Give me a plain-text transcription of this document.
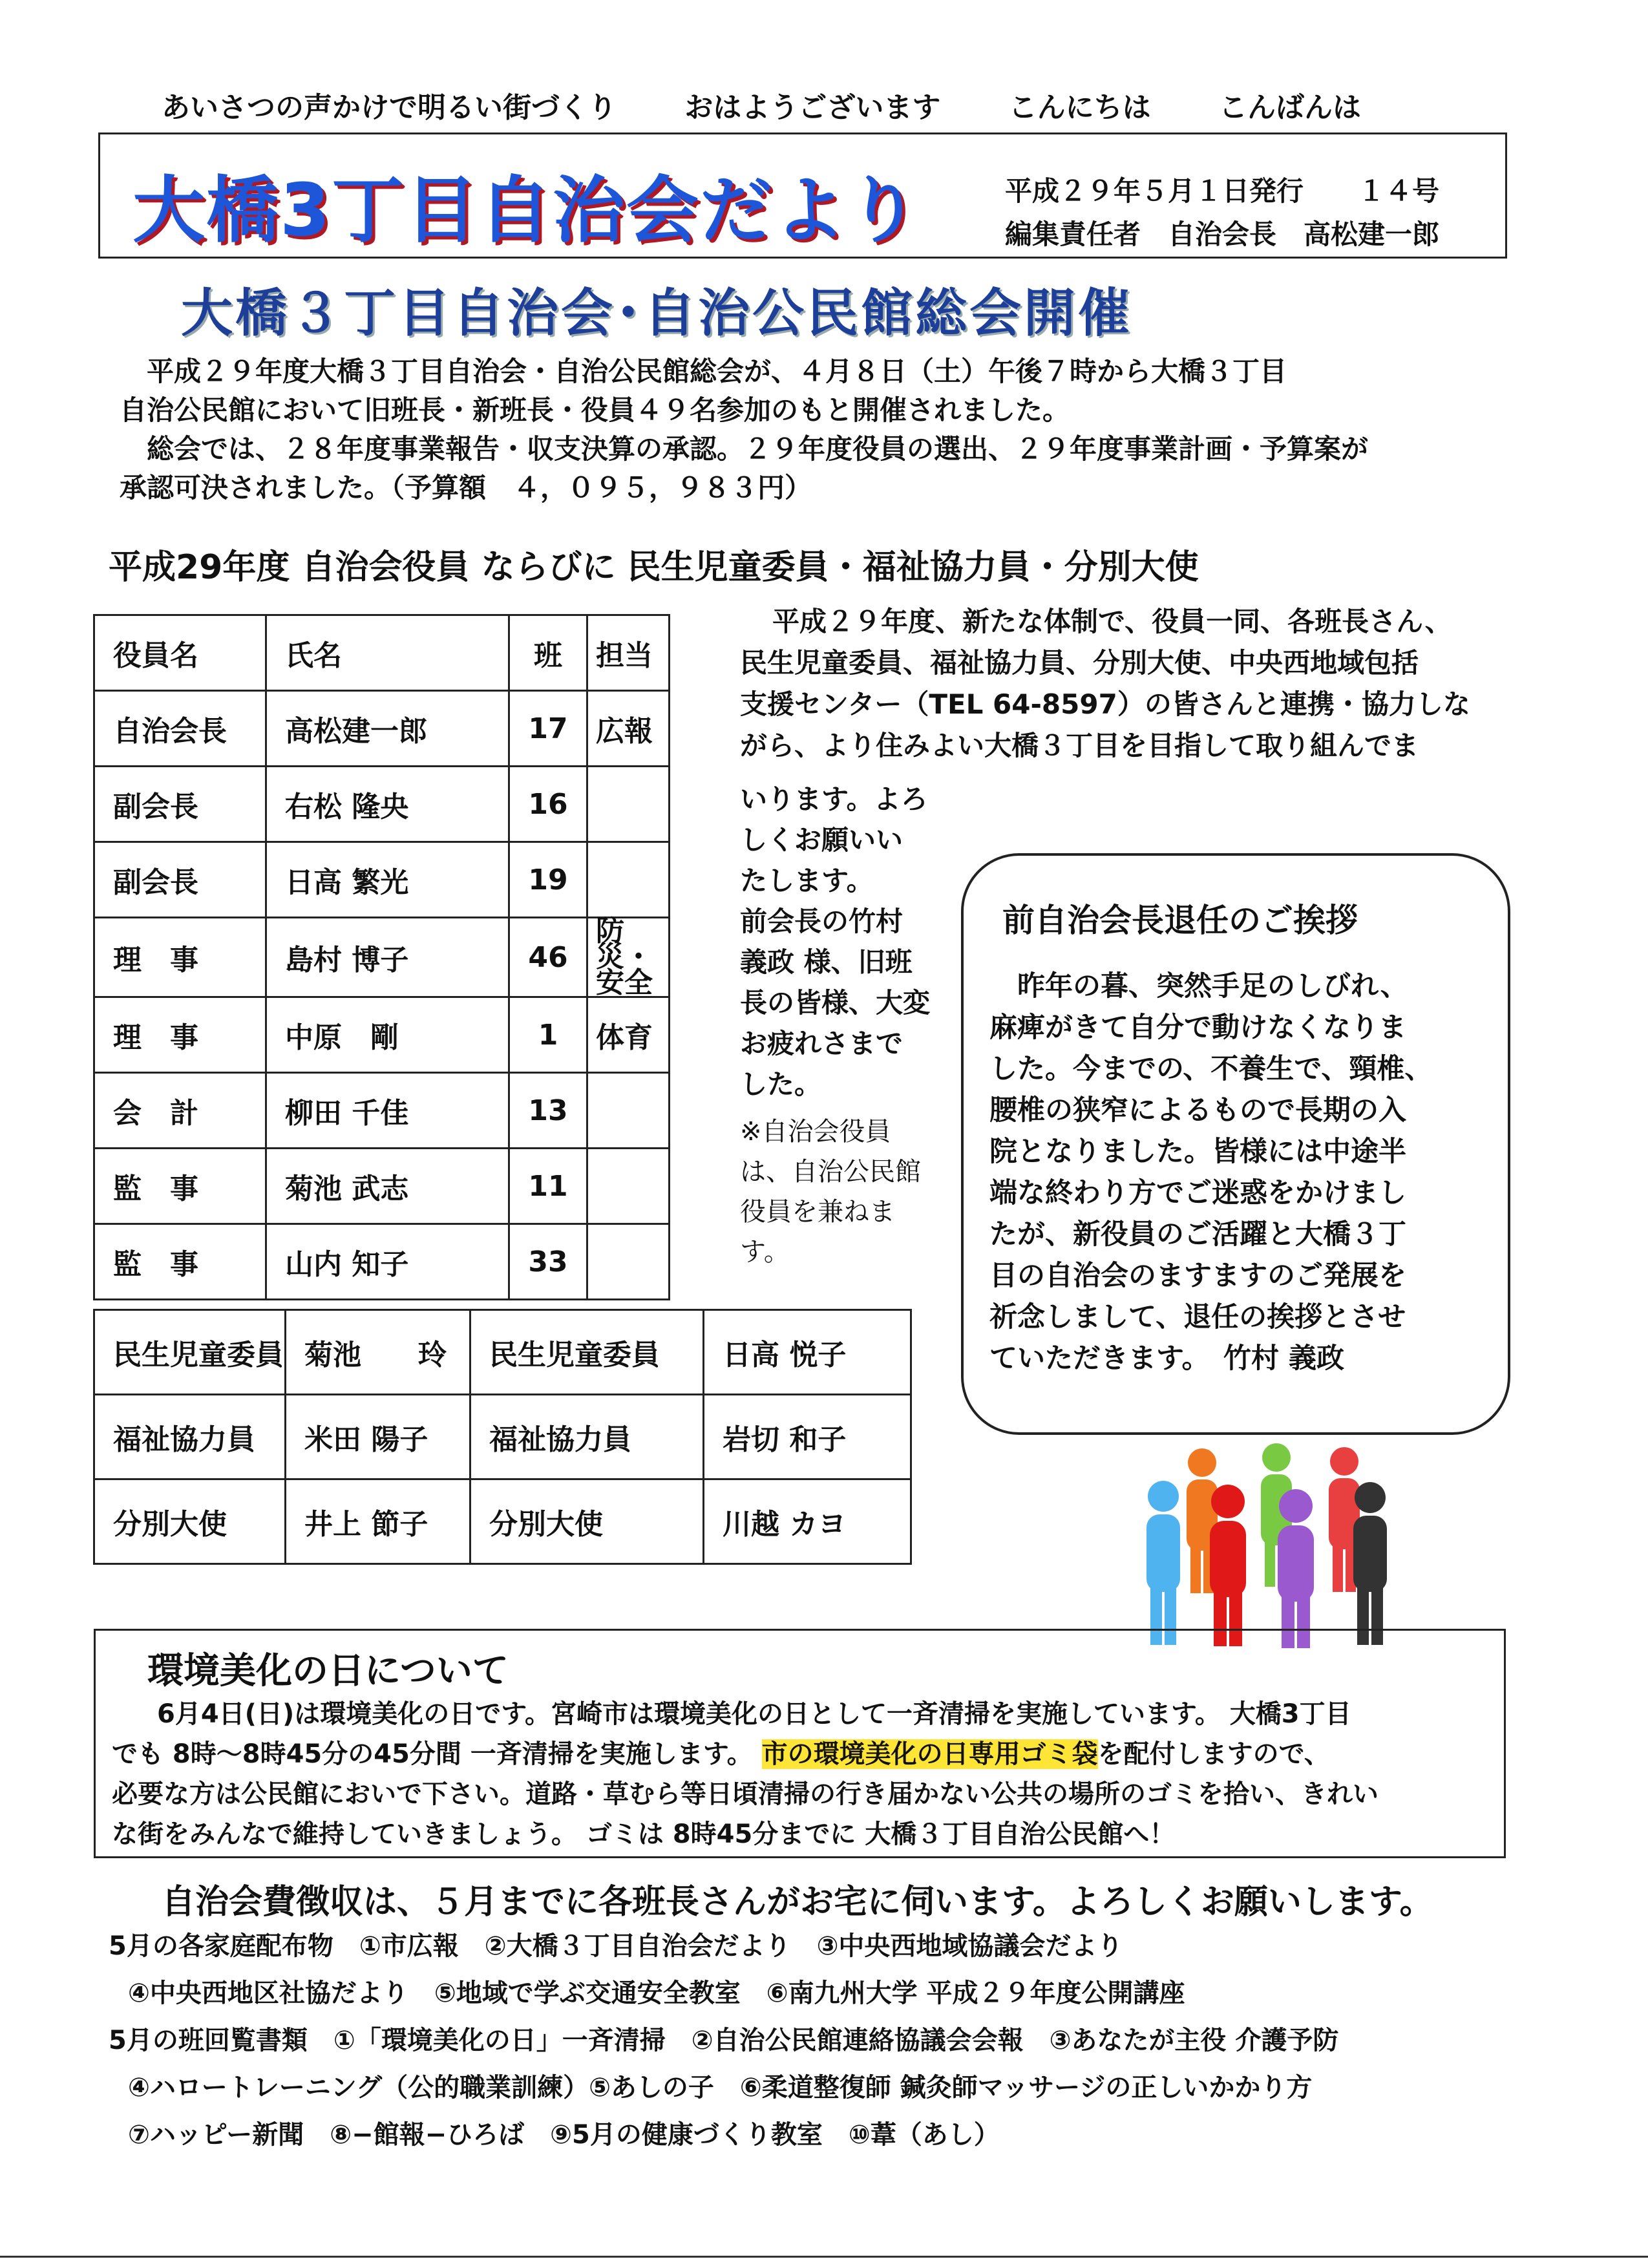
あいさつの声かけで明るい街づくり おはようございます こんにちは こんばんは
大橋3丁目自治会だより	平成２９年５月１日発行　　１４号
編集責任者　自治会長　高松建一郎
大橋３丁目自治会･自治公民館総会開催

平成２９年度大橋３丁目自治会・自治公民館総会が、４月８日（土）午後７時から大橋３丁目

自治公民館において旧班長・新班長・役員４９名参加のもと開催されました。

総会では、２８年度事業報告・収支決算の承認。２９年度役員の選出、２９年度事業計画・予算案が

承認可決されました。（予算額　４，０９５，９８３円）

平成29年度 自治会役員 ならびに 民生児童委員・福祉協力員・分別大使
役員名	氏名	班	担当
自治会長	高松建一郎	17	広報
副会長	右松 隆央	16	
副会長	日高 繁光	19	
理　事	島村 博子	46	防災・安全
理　事	中原　剛	1	体育
会　計	柳田 千佳	13	
監　事	菊池 武志	11	
監　事	山内 知子	33	
民生児童委員	菊池　　玲	民生児童委員	日高 悦子
福祉協力員	米田 陽子	福祉協力員	岩切 和子
分別大使	井上 節子	分別大使	川越 カヨ
平成２９年度、新たな体制で、役員一同、各班長さん、
民生児童委員、福祉協力員、分別大使、中央西地域包括
支援センター（TEL 64-8597）の皆さんと連携・協力しな
がら、より住みよい大橋３丁目を目指して取り組んでま
いります。よろ
しくお願いい
たします。
前会長の竹村
義政 様、旧班
長の皆様、大変
お疲れさまで
した。
※自治会役員
は、自治公民館
役員を兼ねま
す。
前自治会長退任のご挨拶
　昨年の暮、突然手足のしびれ、
麻痺がきて自分で動けなくなりま
した。今までの、不養生で、頸椎、
腰椎の狭窄によるもので長期の入
院となりました。皆様には中途半
端な終わり方でご迷惑をかけまし
たが、新役員のご活躍と大橋３丁
目の自治会のますますのご発展を
祈念しまして、退任の挨拶とさせ
ていただきます。　竹村 義政
環境美化の日について
6月4日(日)は環境美化の日です。宮崎市は環境美化の日として一斉清掃を実施しています。 大橋3丁目
でも 8時～8時45分の45分間 一斉清掃を実施します。 市の環境美化の日専用ゴミ袋を配付しますので、
必要な方は公民館においで下さい。道路・草むら等日頃清掃の行き届かない公共の場所のゴミを拾い、きれい
な街をみんなで維持していきましょう。 ゴミは 8時45分までに 大橋３丁目自治公民館へ！
自治会費徴収は、５月までに各班長さんがお宅に伺います。よろしくお願いします。
5月の各家庭配布物　①市広報　②大橋３丁目自治会だより　③中央西地域協議会だより
④中央西地区社協だより　⑤地域で学ぶ交通安全教室　⑥南九州大学 平成２９年度公開講座
5月の班回覧書類　①「環境美化の日」一斉清掃　②自治公民館連絡協議会会報　③あなたが主役 介護予防
④ハロートレーニング（公的職業訓練）⑤あしの子　⑥柔道整復師 鍼灸師マッサージの正しいかかり方
⑦ハッピー新聞　⑧−館報−ひろば　⑨5月の健康づくり教室　⑩葦（あし）
